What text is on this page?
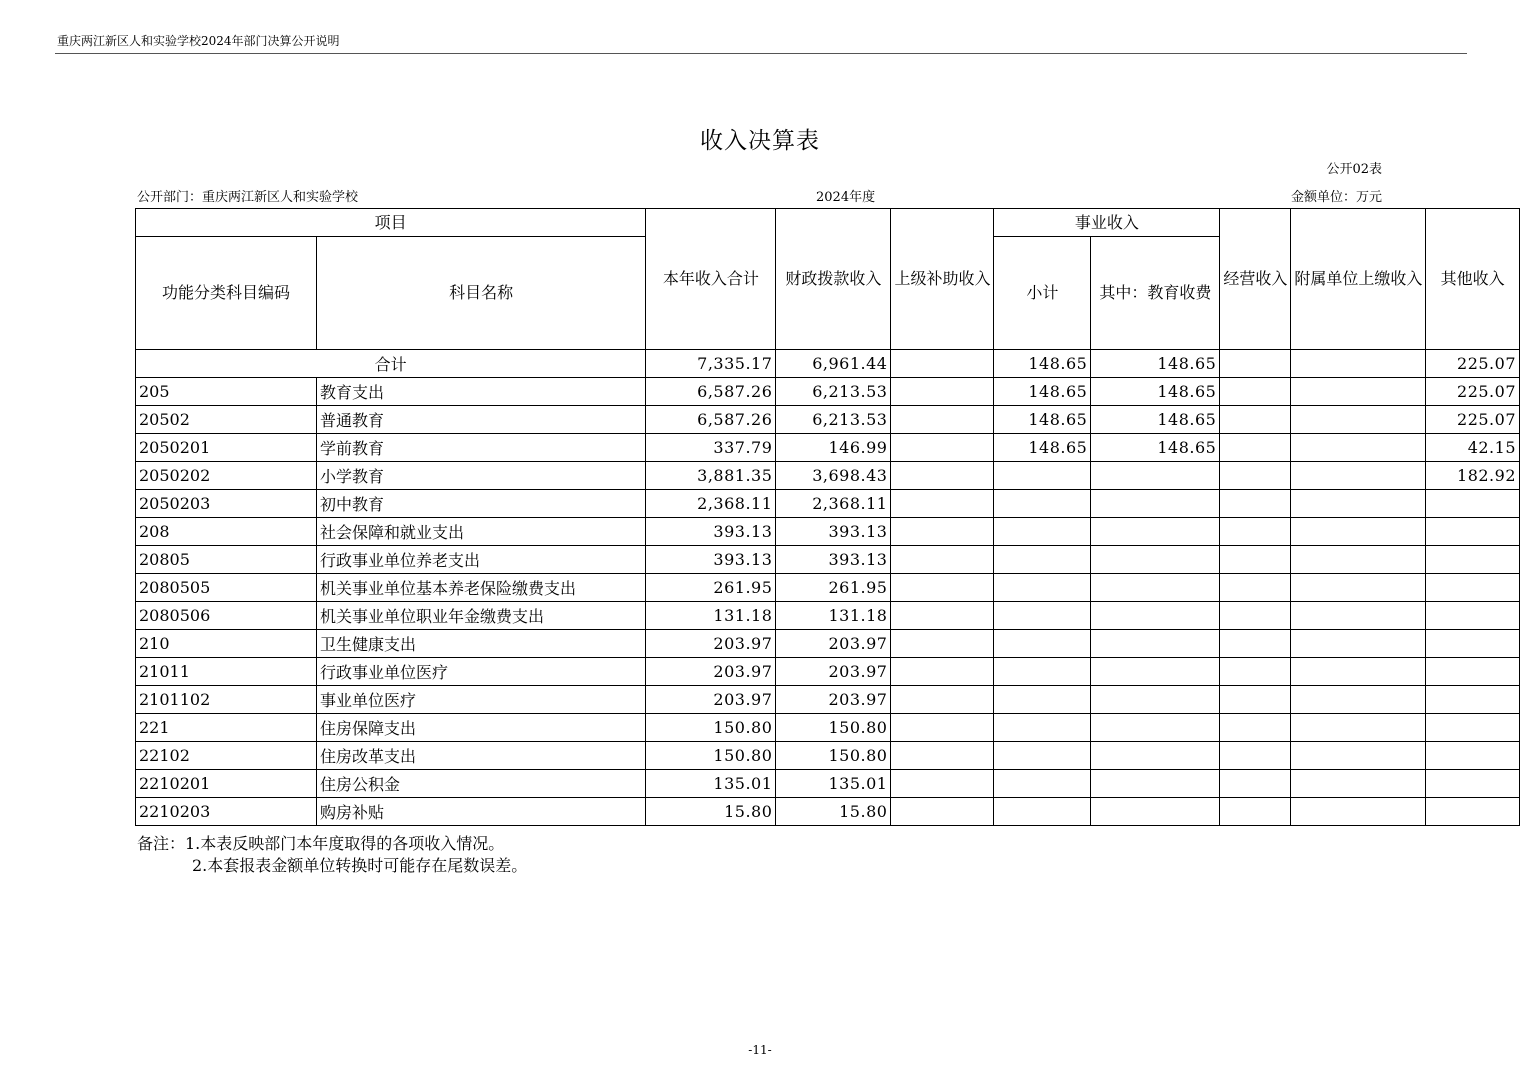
重庆两江新区人和实验学校2024年部门决算公开说明
收入决算表
公开02表
公开部门：重庆两江新区人和实验学校	2024年度	金额单位：万元
项目		本年收入合计	财政拨款收入	上级补助收入	事业收入		经营收入	附属单位上缴收入	其他收入
功能分类科目编码	科目名称				小计	其中：教育收费			
合计		7,335.17	6,961.44		148.65	148.65			225.07
205	教育支出	6,587.26	6,213.53		148.65	148.65			225.07
20502	普通教育	6,587.26	6,213.53		148.65	148.65			225.07
2050201	学前教育	337.79	146.99		148.65	148.65			42.15
2050202	小学教育	3,881.35	3,698.43						182.92
2050203	初中教育	2,368.11	2,368.11						
208	社会保障和就业支出	393.13	393.13						
20805	行政事业单位养老支出	393.13	393.13						
2080505	机关事业单位基本养老保险缴费支出	261.95	261.95						
2080506	机关事业单位职业年金缴费支出	131.18	131.18						
210	卫生健康支出	203.97	203.97						
21011	行政事业单位医疗	203.97	203.97						
2101102	事业单位医疗	203.97	203.97						
221	住房保障支出	150.80	150.80						
22102	住房改革支出	150.80	150.80						
2210201	住房公积金	135.01	135.01						
2210203	购房补贴	15.80	15.80						
备注：1.本表反映部门本年度取得的各项收入情况。
2.本套报表金额单位转换时可能存在尾数误差。
-11-
